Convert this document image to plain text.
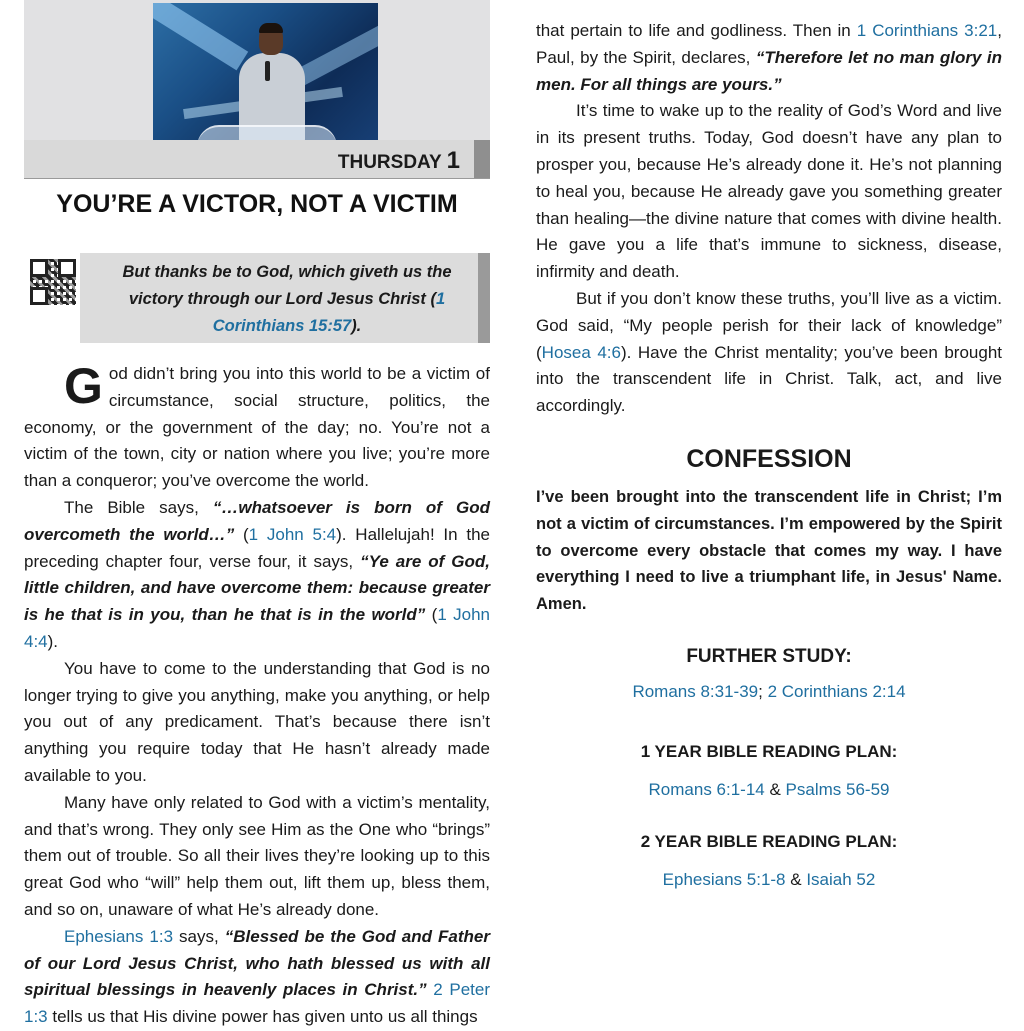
THURSDAY 1
YOU’RE A VICTOR, NOT A VICTIM

But thanks be to God, which giveth us the victory through our Lord Jesus Christ (1 Corinthians 15:57).

God didn’t bring you into this world to be a victim of circumstance, social structure, politics, the economy, or the government of the day; no. You’re not a victim of the town, city or nation where you live; you’re more than a conqueror; you’ve overcome the world.

The Bible says, “…whatsoever is born of God overcometh the world…” (1 John 5:4). Hallelujah! In the preceding chapter four, verse four, it says, “Ye are of God, little children, and have overcome them: because greater is he that is in you, than he that is in the world” (1 John 4:4).

You have to come to the understanding that God is no longer trying to give you anything, make you anything, or help you out of any predicament. That’s because there isn’t anything you require today that He hasn’t already made available to you.

Many have only related to God with a victim’s mentality, and that’s wrong. They only see Him as the One who “brings” them out of trouble. So all their lives they’re looking up to this great God who “will” help them out, lift them up, bless them, and so on, unaware of what He’s already done.

Ephesians 1:3 says, “Blessed be the God and Father of our Lord Jesus Christ, who hath blessed us with all spiritual blessings in heavenly places in Christ.” 2 Peter 1:3 tells us that His divine power has given unto us all things

that pertain to life and godliness. Then in 1 Corinthians 3:21, Paul, by the Spirit, declares, “Therefore let no man glory in men. For all things are yours.”

It’s time to wake up to the reality of God’s Word and live in its present truths. Today, God doesn’t have any plan to prosper you, because He’s already done it. He’s not planning to heal you, because He already gave you something greater than healing—the divine nature that comes with divine health. He gave you a life that’s immune to sickness, disease, infirmity and death.

But if you don’t know these truths, you’ll live as a victim. God said, “My people perish for their lack of knowledge” (Hosea 4:6). Have the Christ mentality; you’ve been brought into the transcendent life in Christ. Talk, act, and live accordingly.

CONFESSION
I’ve been brought into the transcendent life in Christ; I’m not a victim of circumstances. I’m empowered by the Spirit to overcome every obstacle that comes my way. I have everything I need to live a triumphant life, in Jesus' Name. Amen.
FURTHER STUDY:
Romans 8:31-39; 2 Corinthians 2:14
1 YEAR BIBLE READING PLAN:
Romans 6:1-14 & Psalms 56-59
2 YEAR BIBLE READING PLAN:
Ephesians 5:1-8 & Isaiah 52
